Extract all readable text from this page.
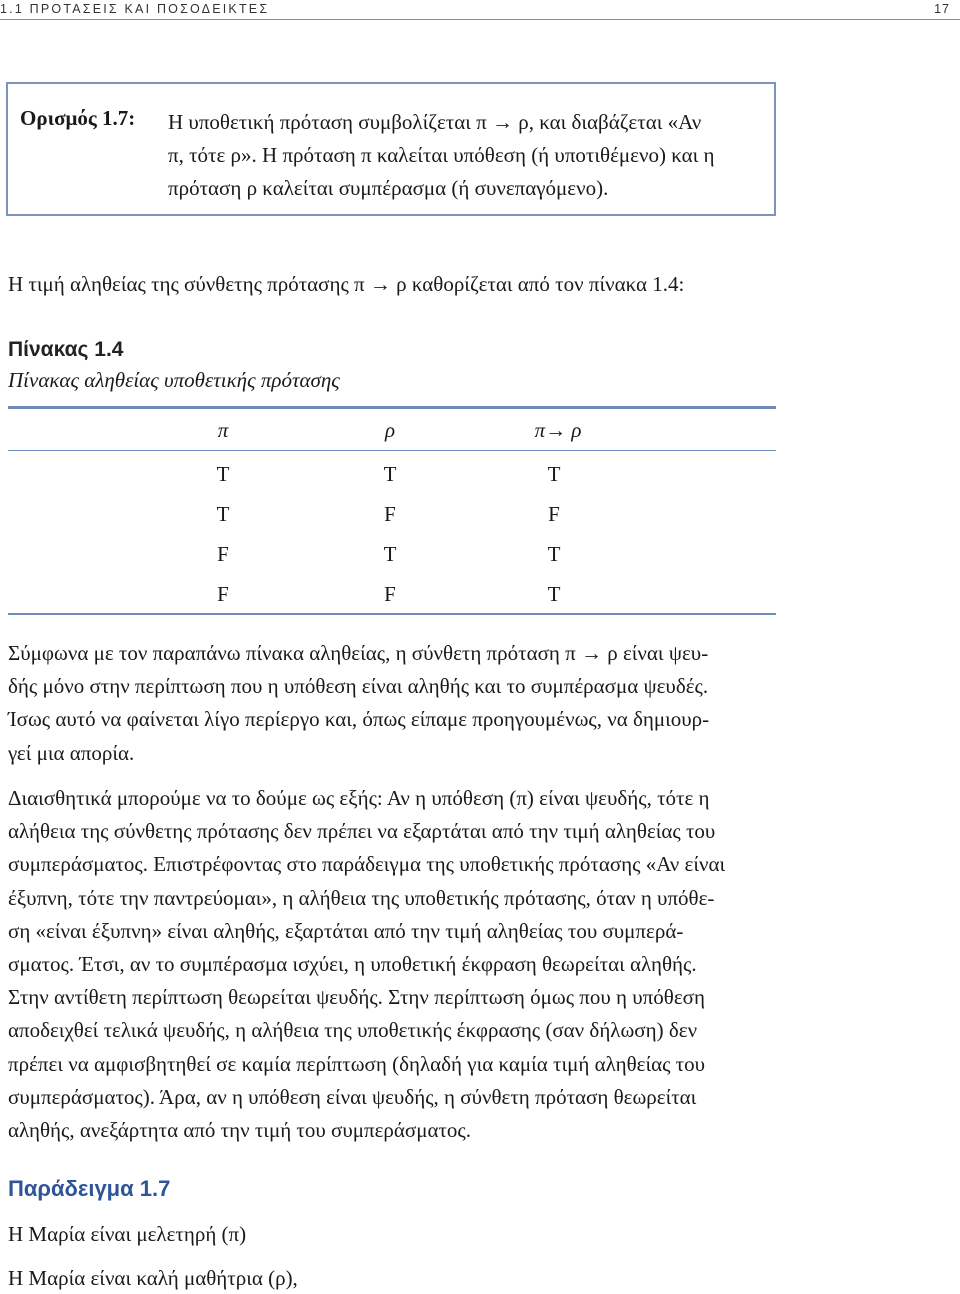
1.1 ΠΡΟΤΑΣΕΙΣ ΚΑΙ ΠΟΣΟΔΕΙΚΤΕΣ	17
Ορισμός 1.7: Η υποθετική πρόταση συμβολίζεται π → ρ, και διαβάζεται «Αν
π, τότε ρ». Η πρόταση π καλείται υπόθεση (ή υποτιθέμενο) και η
πρόταση ρ καλείται συμπέρασμα (ή συνεπαγόμενο).
Η τιμή αληθείας της σύνθετης πρότασης π → ρ καθορίζεται από τον πίνακα 1.4:
Πίνακας 1.4
Πίνακας αληθείας υποθετικής πρότασης
π	ρ	π→ ρ
T	T	T
T	F	F
F	T	T
F	F	T
Σύμφωνα με τον παραπάνω πίνακα αληθείας, η σύνθετη πρόταση π → ρ είναι ψευ-
δής μόνο στην περίπτωση που η υπόθεση είναι αληθής και το συμπέρασμα ψευδές.
Ίσως αυτό να φαίνεται λίγο περίεργο και, όπως είπαμε προηγουμένως, να δημιουρ-
γεί μια απορία.
Διαισθητικά μπορούμε να το δούμε ως εξής: Αν η υπόθεση (π) είναι ψευδής, τότε η
αλήθεια της σύνθετης πρότασης δεν πρέπει να εξαρτάται από την τιμή αληθείας του
συμπεράσματος. Επιστρέφοντας στο παράδειγμα της υποθετικής πρότασης «Αν είναι
έξυπνη, τότε την παντρεύομαι», η αλήθεια της υποθετικής πρότασης, όταν η υπόθε-
ση «είναι έξυπνη» είναι αληθής, εξαρτάται από την τιμή αληθείας του συμπερά-
σματος. Έτσι, αν το συμπέρασμα ισχύει, η υποθετική έκφραση θεωρείται αληθής.
Στην αντίθετη περίπτωση θεωρείται ψευδής. Στην περίπτωση όμως που η υπόθεση
αποδειχθεί τελικά ψευδής, η αλήθεια της υποθετικής έκφρασης (σαν δήλωση) δεν
πρέπει να αμφισβητηθεί σε καμία περίπτωση (δηλαδή για καμία τιμή αληθείας του
συμπεράσματος). Άρα, αν η υπόθεση είναι ψευδής, η σύνθετη πρόταση θεωρείται
αληθής, ανεξάρτητα από την τιμή του συμπεράσματος.
Παράδειγμα 1.7
Η Μαρία είναι μελετηρή (π)
Η Μαρία είναι καλή μαθήτρια (ρ),
